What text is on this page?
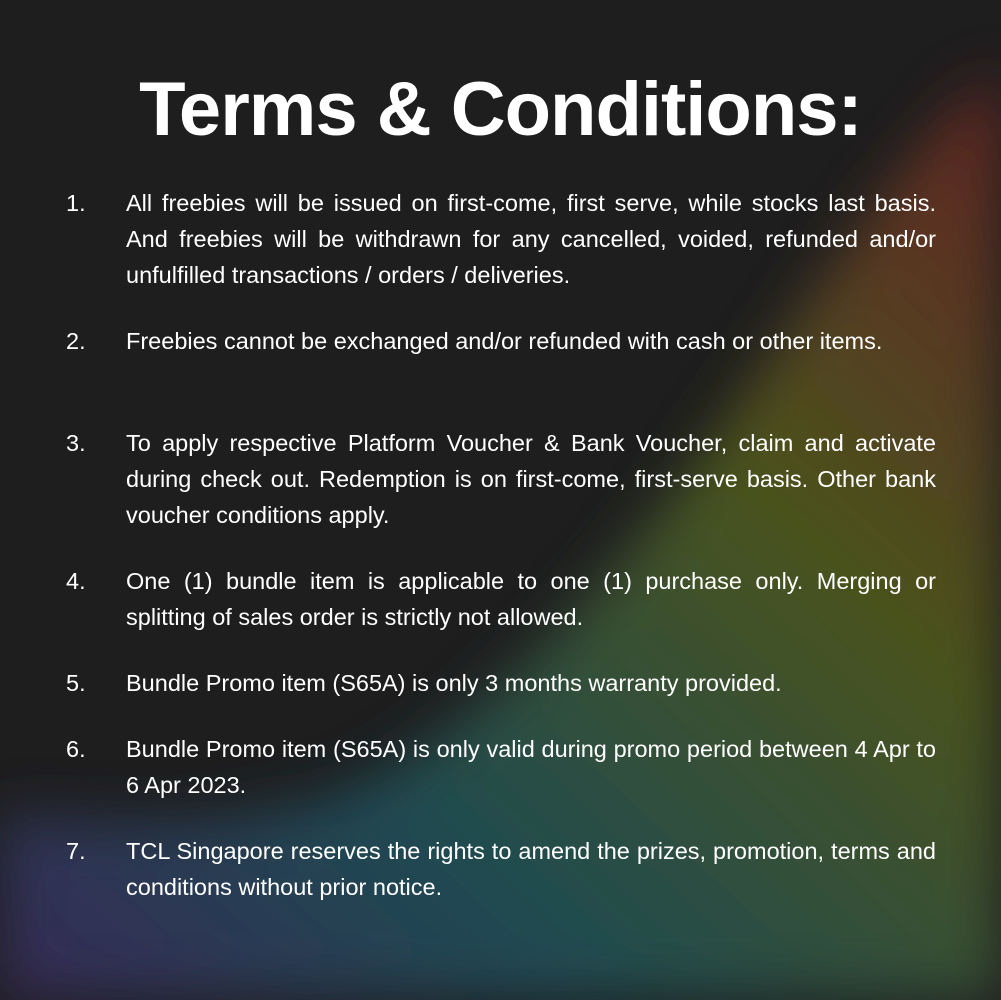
Terms & Conditions:
1. All freebies will be issued on first-come, first serve, while stocks last basis. And freebies will be withdrawn for any cancelled, voided, refunded and/or unfulfilled transactions / orders / deliveries.
2. Freebies cannot be exchanged and/or refunded with cash or other items.
3. To apply respective Platform Voucher & Bank Voucher, claim and activate during check out. Redemption is on first-come, first-serve basis. Other bank voucher conditions apply.
4. One (1) bundle item is applicable to one (1) purchase only. Merging or splitting of sales order is strictly not allowed.
5. Bundle Promo item (S65A) is only 3 months warranty provided.
6. Bundle Promo item (S65A) is only valid during promo period between 4 Apr to 6 Apr 2023.
7. TCL Singapore reserves the rights to amend the prizes, promotion, terms and conditions without prior notice.
